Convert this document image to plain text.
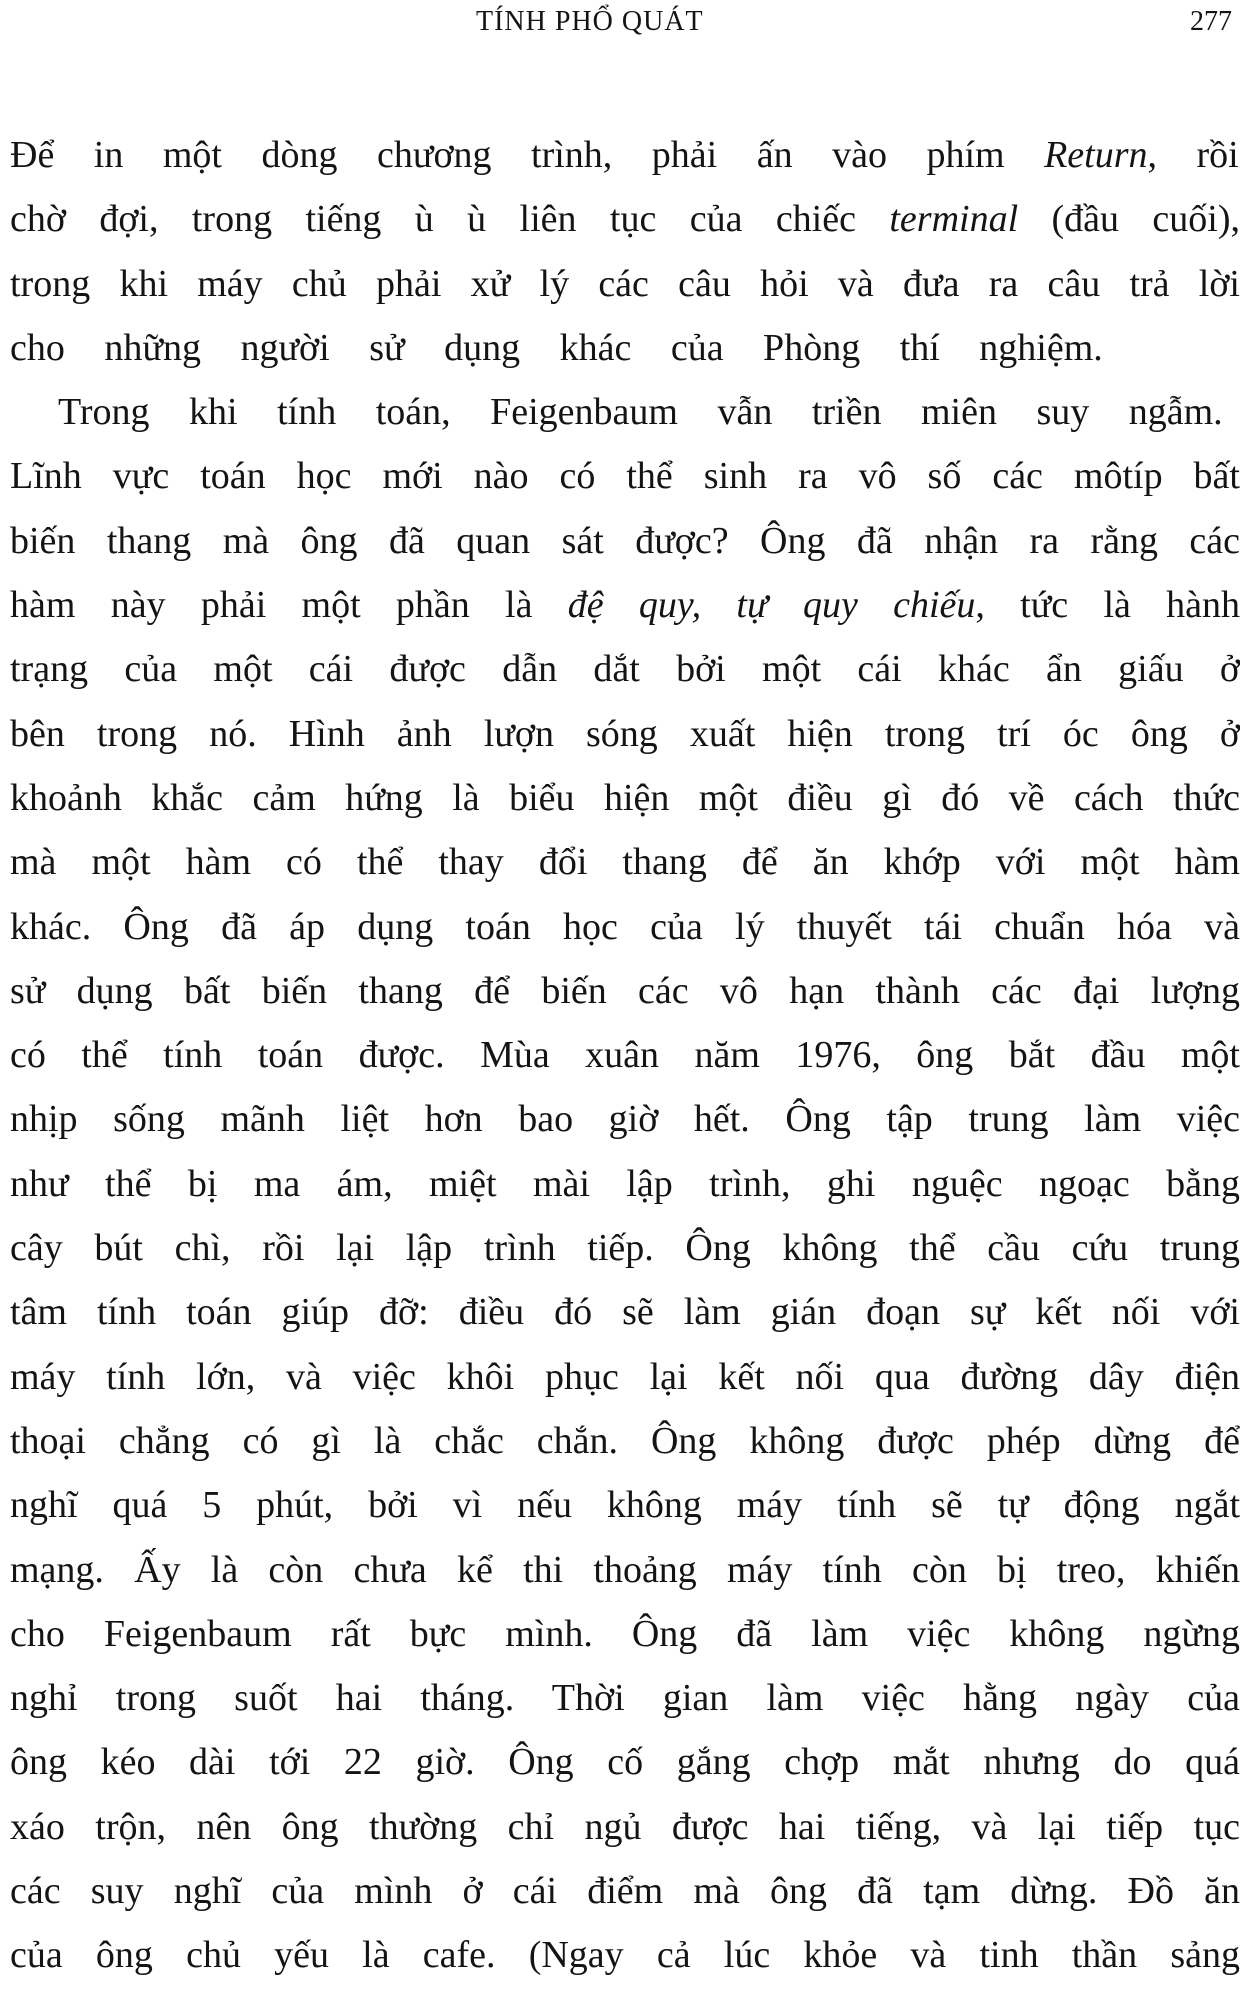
TÍNH PHỔ QUÁT	277
Để in một dòng chương trình, phải ấn vào phím Return, rồi
chờ đợi, trong tiếng ù ù liên tục của chiếc terminal (đầu cuối),
trong khi máy chủ phải xử lý các câu hỏi và đưa ra câu trả lời
cho những người sử dụng khác của Phòng thí nghiệm.
Trong khi tính toán, Feigenbaum vẫn triền miên suy ngẫm.
Lĩnh vực toán học mới nào có thể sinh ra vô số các môtíp bất
biến thang mà ông đã quan sát được? Ông đã nhận ra rằng các
hàm này phải một phần là đệ quy, tự quy chiếu, tức là hành
trạng của một cái được dẫn dắt bởi một cái khác ẩn giấu ở
bên trong nó. Hình ảnh lượn sóng xuất hiện trong trí óc ông ở
khoảnh khắc cảm hứng là biểu hiện một điều gì đó về cách thức
mà một hàm có thể thay đổi thang để ăn khớp với một hàm
khác. Ông đã áp dụng toán học của lý thuyết tái chuẩn hóa và
sử dụng bất biến thang để biến các vô hạn thành các đại lượng
có thể tính toán được. Mùa xuân năm 1976, ông bắt đầu một
nhịp sống mãnh liệt hơn bao giờ hết. Ông tập trung làm việc
như thể bị ma ám, miệt mài lập trình, ghi nguệc ngoạc bằng
cây bút chì, rồi lại lập trình tiếp. Ông không thể cầu cứu trung
tâm tính toán giúp đỡ: điều đó sẽ làm gián đoạn sự kết nối với
máy tính lớn, và việc khôi phục lại kết nối qua đường dây điện
thoại chẳng có gì là chắc chắn. Ông không được phép dừng để
nghĩ quá 5 phút, bởi vì nếu không máy tính sẽ tự động ngắt
mạng. Ấy là còn chưa kể thi thoảng máy tính còn bị treo, khiến
cho Feigenbaum rất bực mình. Ông đã làm việc không ngừng
nghỉ trong suốt hai tháng. Thời gian làm việc hằng ngày của
ông kéo dài tới 22 giờ. Ông cố gắng chợp mắt nhưng do quá
xáo trộn, nên ông thường chỉ ngủ được hai tiếng, và lại tiếp tục
các suy nghĩ của mình ở cái điểm mà ông đã tạm dừng. Đồ ăn
của ông chủ yếu là cafe. (Ngay cả lúc khỏe và tinh thần sảng
